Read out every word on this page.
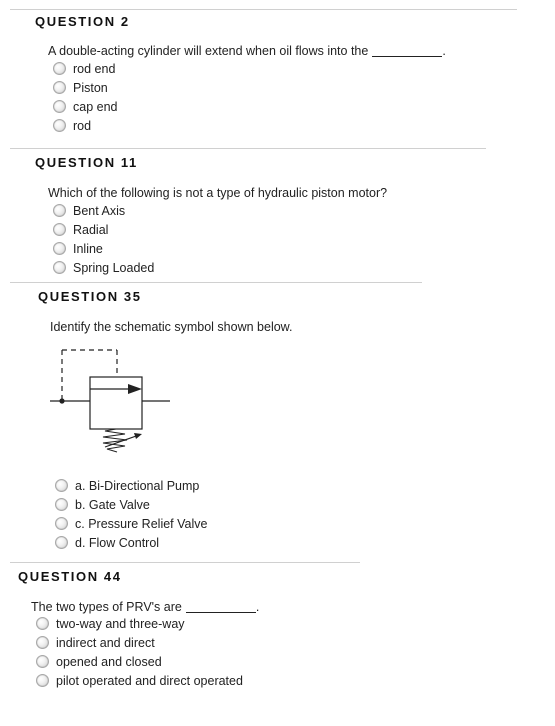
QUESTION 2
A double-acting cylinder will extend when oil flows into the	.
rod end
Piston
cap end
rod
QUESTION 11
Which of the following is not a type of hydraulic piston motor?
Bent Axis
Radial
Inline
Spring Loaded
QUESTION 35
Identify the schematic symbol shown below.
a. Bi-Directional Pump
b. Gate Valve
c. Pressure Relief Valve
d. Flow Control
QUESTION 44
The two types of PRV's are	.
two-way and three-way
indirect and direct
opened and closed
pilot operated and direct operated
